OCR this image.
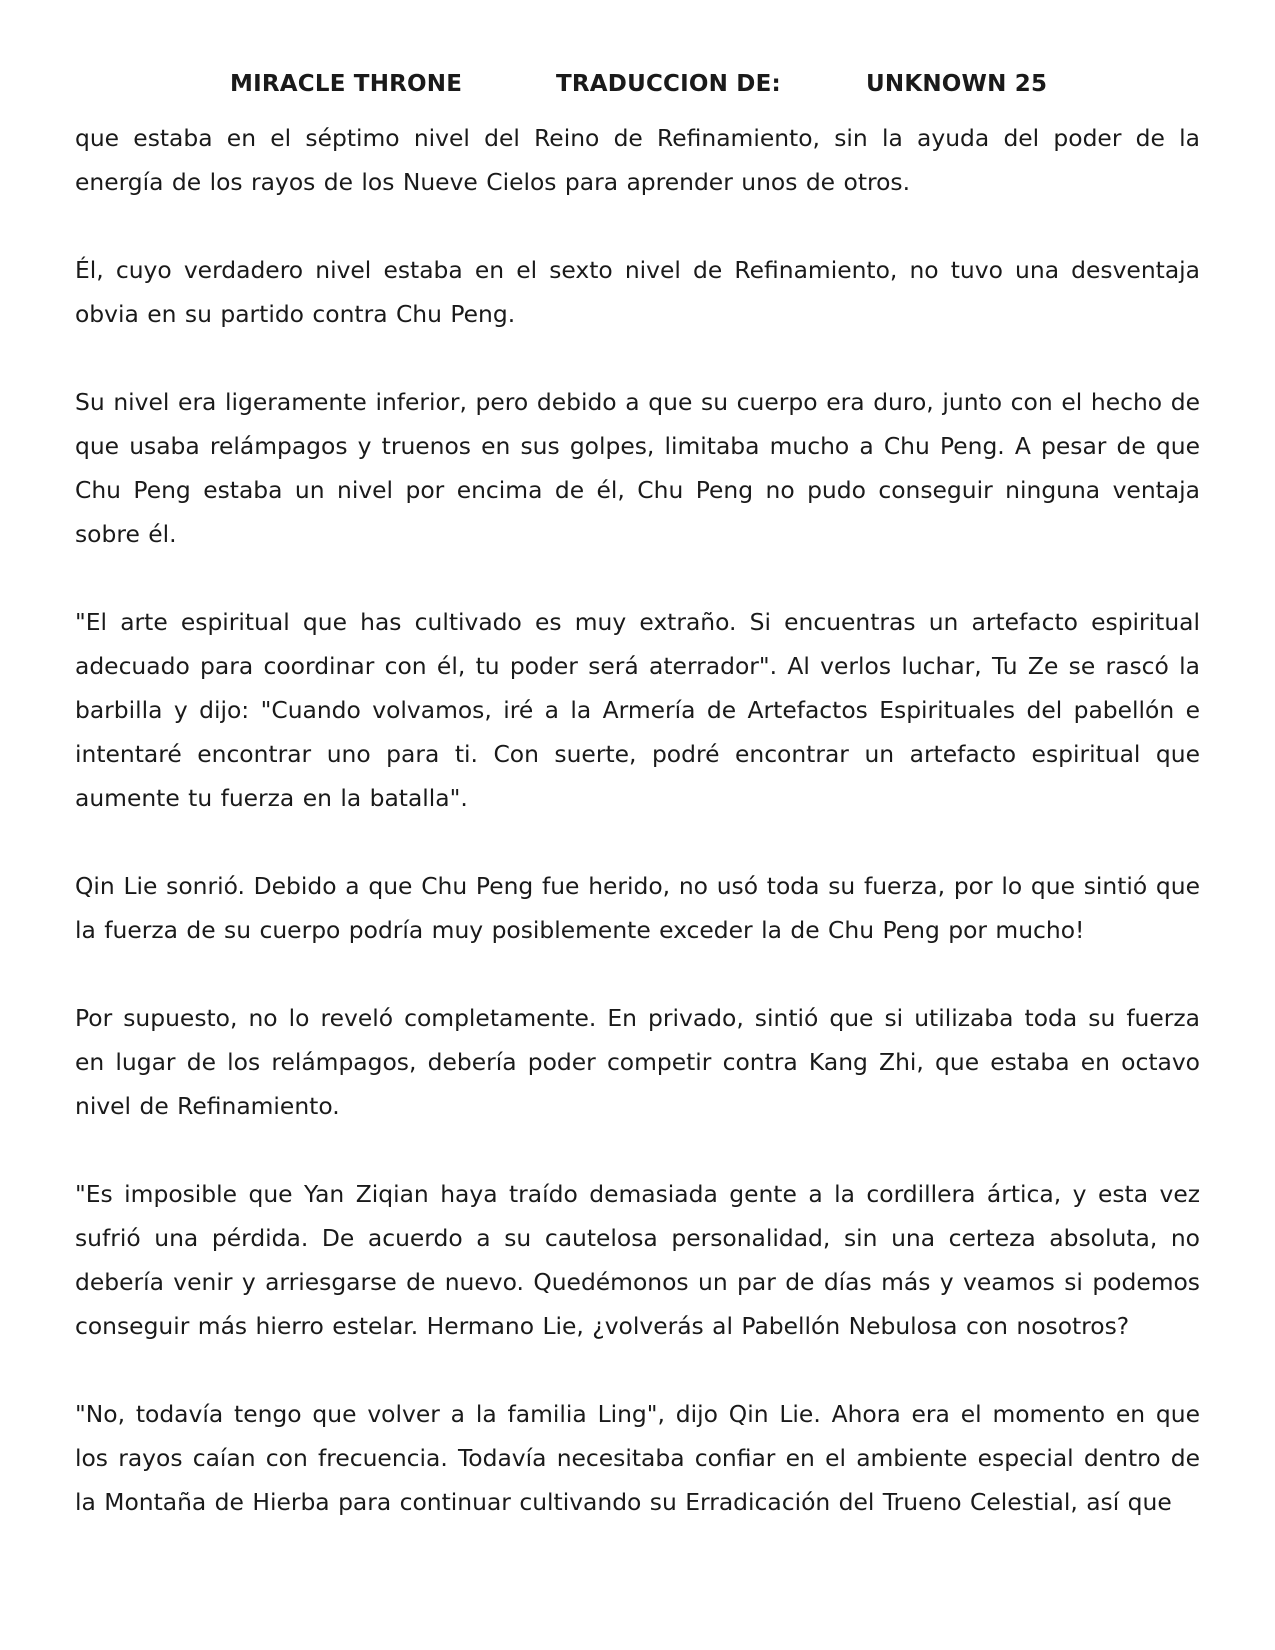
MIRACLE THRONE	TRADUCCION DE:	UNKNOWN 25

que estaba en el séptimo nivel del Reino de Refinamiento, sin la ayuda del poder de la energía de los rayos de los Nueve Cielos para aprender unos de otros.

Él, cuyo verdadero nivel estaba en el sexto nivel de Refinamiento, no tuvo una desventaja obvia en su partido contra Chu Peng.

Su nivel era ligeramente inferior, pero debido a que su cuerpo era duro, junto con el hecho de que usaba relámpagos y truenos en sus golpes, limitaba mucho a Chu Peng. A pesar de que Chu Peng estaba un nivel por encima de él, Chu Peng no pudo conseguir ninguna ventaja sobre él.

"El arte espiritual que has cultivado es muy extraño. Si encuentras un artefacto espiritual adecuado para coordinar con él, tu poder será aterrador". Al verlos luchar, Tu Ze se rascó la barbilla y dijo: "Cuando volvamos, iré a la Armería de Artefactos Espirituales del pabellón e intentaré encontrar uno para ti. Con suerte, podré encontrar un artefacto espiritual que aumente tu fuerza en la batalla".

Qin Lie sonrió. Debido a que Chu Peng fue herido, no usó toda su fuerza, por lo que sintió que la fuerza de su cuerpo podría muy posiblemente exceder la de Chu Peng por mucho!

Por supuesto, no lo reveló completamente. En privado, sintió que si utilizaba toda su fuerza en lugar de los relámpagos, debería poder competir contra Kang Zhi, que estaba en octavo nivel de Refinamiento.

"Es imposible que Yan Ziqian haya traído demasiada gente a la cordillera ártica, y esta vez sufrió una pérdida. De acuerdo a su cautelosa personalidad, sin una certeza absoluta, no debería venir y arriesgarse de nuevo. Quedémonos un par de días más y veamos si podemos conseguir más hierro estelar. Hermano Lie, ¿volverás al Pabellón Nebulosa con nosotros?

"No, todavía tengo que volver a la familia Ling", dijo Qin Lie. Ahora era el momento en que los rayos caían con frecuencia. Todavía necesitaba confiar en el ambiente especial dentro de la Montaña de Hierba para continuar cultivando su Erradicación del Trueno Celestial, así que
